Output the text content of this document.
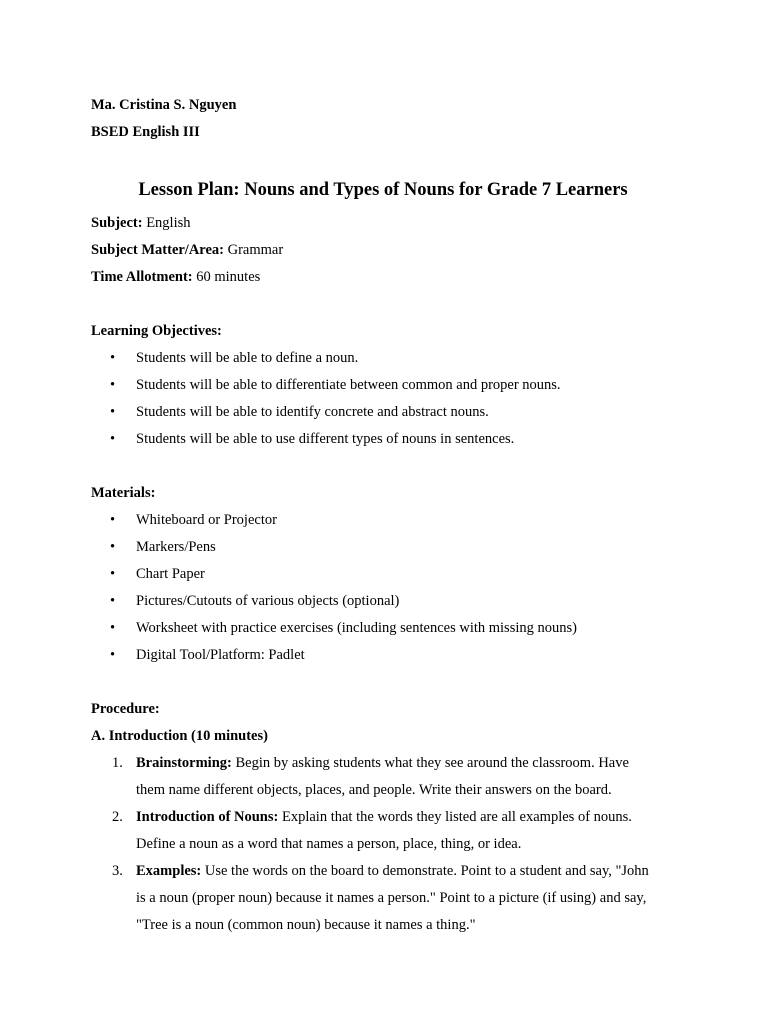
Ma. Cristina S. Nguyen

BSED English III

Lesson Plan: Nouns and Types of Nouns for Grade 7 Learners

Subject: English

Subject Matter/Area: Grammar

Time Allotment: 60 minutes

Learning Objectives:

• Students will be able to define a noun.
• Students will be able to differentiate between common and proper nouns.
• Students will be able to identify concrete and abstract nouns.
• Students will be able to use different types of nouns in sentences.

Materials:

• Whiteboard or Projector
• Markers/Pens
• Chart Paper
• Pictures/Cutouts of various objects (optional)
• Worksheet with practice exercises (including sentences with missing nouns)
• Digital Tool/Platform: Padlet

Procedure:

A. Introduction (10 minutes)

1. Brainstorming: Begin by asking students what they see around the classroom. Have
them name different objects, places, and people. Write their answers on the board.
2. Introduction of Nouns: Explain that the words they listed are all examples of nouns.
Define a noun as a word that names a person, place, thing, or idea.
3. Examples: Use the words on the board to demonstrate. Point to a student and say, "John
is a noun (proper noun) because it names a person." Point to a picture (if using) and say,
"Tree is a noun (common noun) because it names a thing."
